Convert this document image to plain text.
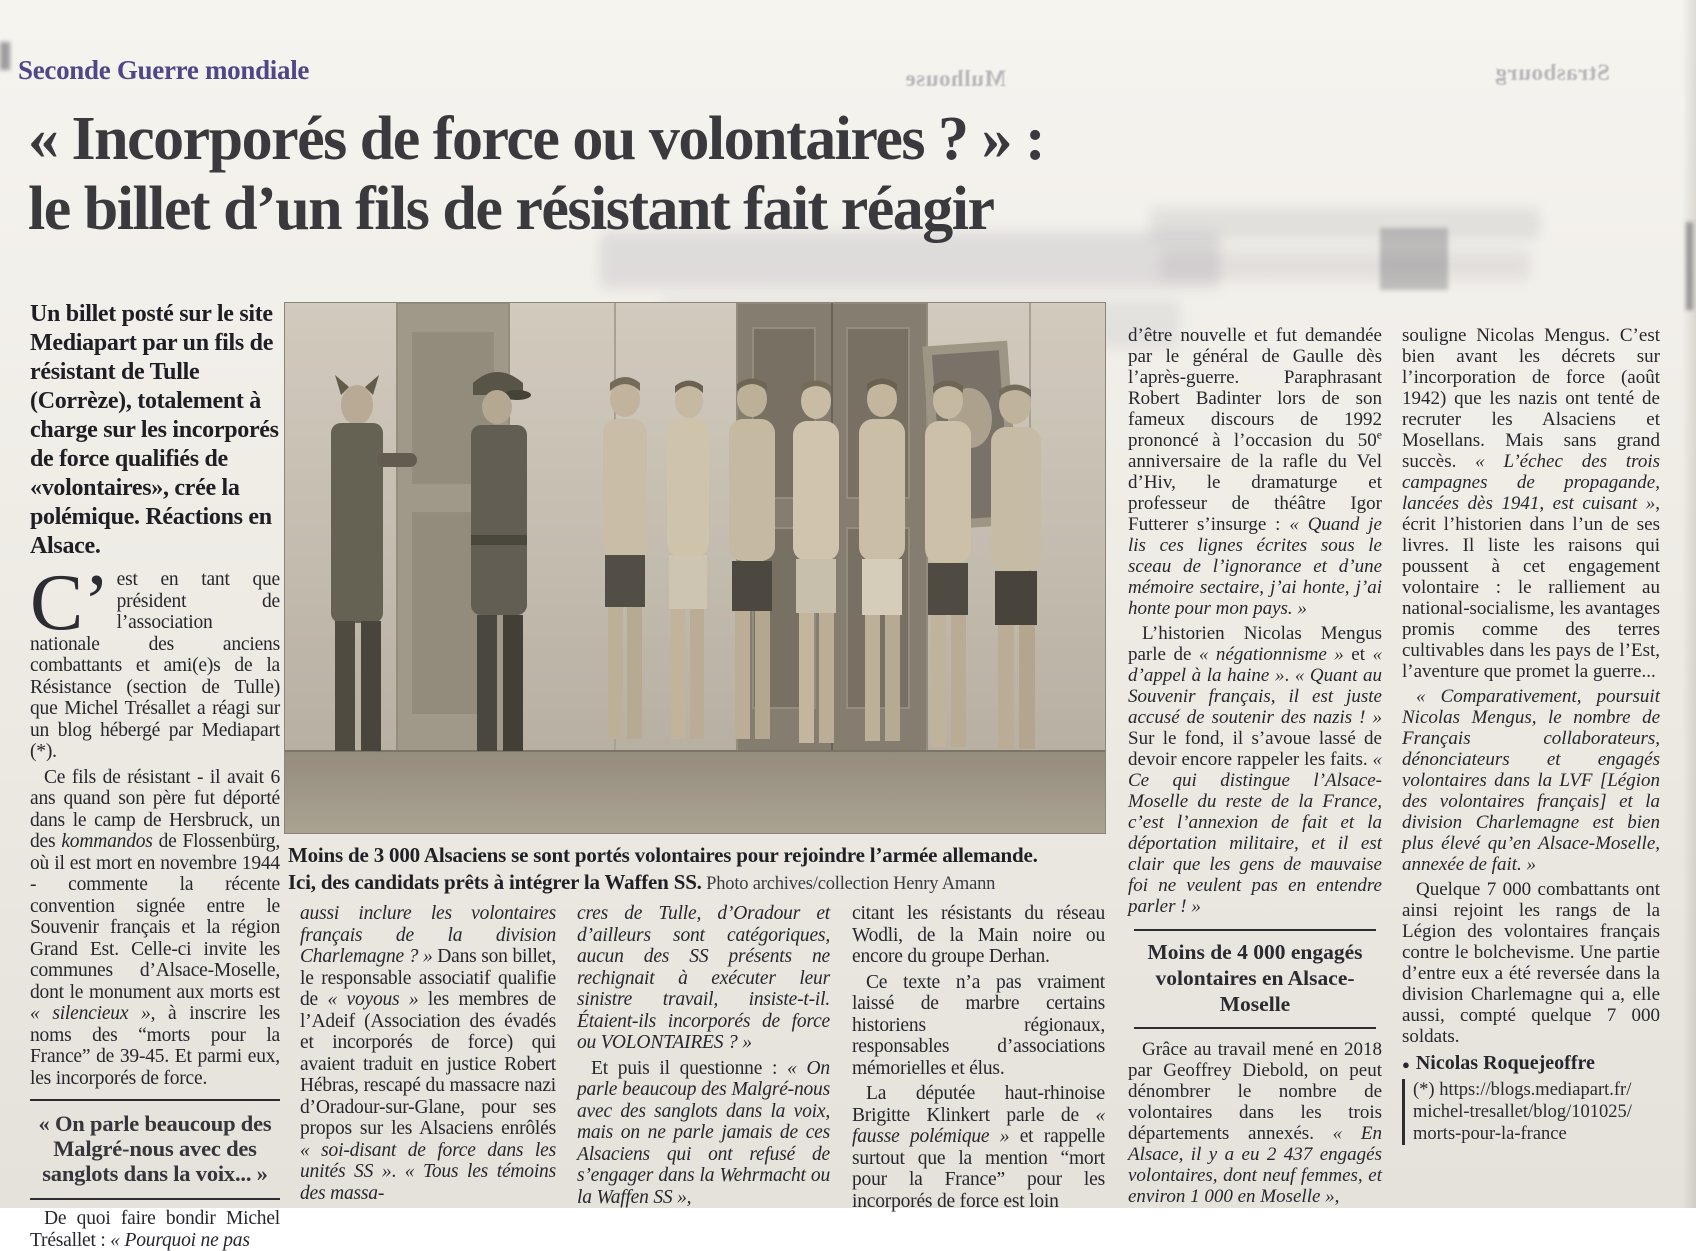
Mulhouse	Strasbourg
Seconde Guerre mondiale
« Incorporés de force ou volontaires ? » :
le billet d’un fils de résistant fait réagir

Un billet posté sur le site Mediapart par un fils de résistant de Tulle (Corrèze), totalement à charge sur les incorporés de force qualifiés de «volontaires», crée la polémique. Réactions en Alsace.

C’ est en tant que président de l’association nationale des anciens combattants et ami(e)s de la Résistance (section de Tulle) que Michel Trésallet a réagi sur un blog hébergé par Mediapart (*).

Ce fils de résistant - il avait 6 ans quand son père fut déporté dans le camp de Hersbruck, un des kommandos de Flossenbürg, où il est mort en novembre 1944 - commente la récente convention signée entre le Souvenir français et la région Grand Est. Celle-ci invite les communes d’Alsace-Moselle, dont le monument aux morts est « silencieux », à inscrire les noms des “morts pour la France” de 39-45. Et parmi eux, les incorporés de force.

« On parle beaucoup des Malgré-nous avec des sanglots dans la voix... »

De quoi faire bondir Michel Trésallet : « Pourquoi ne pas

Moins de 3 000 Alsaciens se sont portés volontaires pour rejoindre l’armée allemande.
Ici, des candidats prêts à intégrer la Waffen SS. Photo archives/collection Henry Amann

aussi inclure les volontaires français de la division Charlemagne ? » Dans son billet, le responsable associatif qualifie de « voyous » les membres de l’Adeif (Association des évadés et incorporés de force) qui avaient traduit en justice Robert Hébras, rescapé du massacre nazi d’Oradour-sur-Glane, pour ses propos sur les Alsaciens enrôlés « soi-disant de force dans les unités SS ». « Tous les témoins des massa-

cres de Tulle, d’Oradour et d’ailleurs sont catégoriques, aucun des SS présents ne rechignait à exécuter leur sinistre travail, insiste-t-il. Étaient-ils incorporés de force ou VOLONTAIRES ? »

Et puis il questionne : « On parle beaucoup des Malgré-nous avec des sanglots dans la voix, mais on ne parle jamais de ces Alsaciens qui ont refusé de s’engager dans la Wehrmacht ou la Waffen SS »,

citant les résistants du réseau Wodli, de la Main noire ou encore du groupe Derhan.

Ce texte n’a pas vraiment laissé de marbre certains historiens régionaux, responsables d’associations mémorielles et élus.

La députée haut-rhinoise Brigitte Klinkert parle de « fausse polémique » et rappelle surtout que la mention “mort pour la France” pour les incorporés de force est loin

d’être nouvelle et fut demandée par le général de Gaulle dès l’après-guerre. Paraphrasant Robert Badinter lors de son fameux discours de 1992 prononcé à l’occasion du 50e anniversaire de la rafle du Vel d’Hiv, le dramaturge et professeur de théâtre Igor Futterer s’insurge : « Quand je lis ces lignes écrites sous le sceau de l’ignorance et d’une mémoire sectaire, j’ai honte, j’ai honte pour mon pays. »

L’historien Nicolas Mengus parle de « négationnisme » et « d’appel à la haine ». « Quant au Souvenir français, il est juste accusé de soutenir des nazis ! » Sur le fond, il s’avoue lassé de devoir encore rappeler les faits. « Ce qui distingue l’Alsace-Moselle du reste de la France, c’est l’annexion de fait et la déportation militaire, et il est clair que les gens de mauvaise foi ne veulent pas en entendre parler ! »

Moins de 4 000 engagés volontaires en Alsace-Moselle

Grâce au travail mené en 2018 par Geoffrey Diebold, on peut dénombrer le nombre de volontaires dans les trois départements annexés. « En Alsace, il y a eu 2 437 engagés volontaires, dont neuf femmes, et environ 1 000 en Moselle »,

souligne Nicolas Mengus. C’est bien avant les décrets sur l’incorporation de force (août 1942) que les nazis ont tenté de recruter les Alsaciens et Mosellans. Mais sans grand succès. « L’échec des trois campagnes de propagande, lancées dès 1941, est cuisant », écrit l’historien dans l’un de ses livres. Il liste les raisons qui poussent à cet engagement volontaire : le ralliement au national-socialisme, les avantages promis comme des terres cultivables dans les pays de l’Est, l’aventure que promet la guerre...

« Comparativement, poursuit Nicolas Mengus, le nombre de Français collaborateurs, dénonciateurs et engagés volontaires dans la LVF [Légion des volontaires français] et la division Charlemagne est bien plus élevé qu’en Alsace-Moselle, annexée de fait. »

Quelque 7 000 combattants ont ainsi rejoint les rangs de la Légion des volontaires français contre le bolchevisme. Une partie d’entre eux a été reversée dans la division Charlemagne qui a, elle aussi, compté quelque 7 000 soldats.

● Nicolas Roquejeoffre
(*) https://blogs.mediapart.fr/
michel-tresallet/blog/101025/
morts-pour-la-france
